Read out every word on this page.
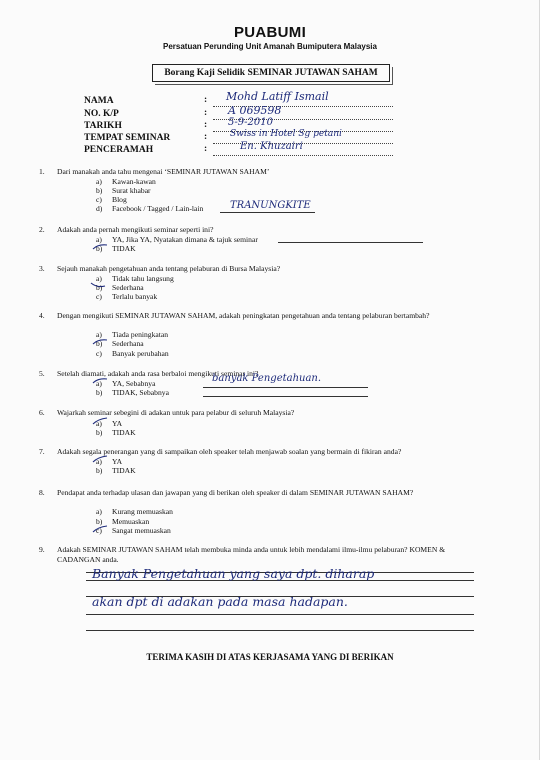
PUABUMI
Persatuan Perunding Unit Amanah Bumiputera Malaysia
Borang Kaji Selidik SEMINAR JUTAWAN SAHAM
NAMA	: Mohd Latiff Ismail
NO. K/P	: A 069598
TARIKH	: 5-9-2010
TEMPAT SEMINAR	:	Swiss in Hotel Sg petani
PENCERAMAH	:	En. Khuzairi
1. Dari manakah anda tahu mengenai ‘SEMINAR JUTAWAN SAHAM’
a) Kawan-kawan
b) Surat khabar
c) Blog
d) Facebook / Tagged / Lain-lain	TRANUNGKITE
2. Adakah anda pernah mengikuti seminar seperti ini?
a) YA, Jika YA, Nyatakan dimana & tajuk seminar
b) TIDAK
3. Sejauh manakah pengetahuan anda tentang pelaburan di Bursa Malaysia?
a) Tidak tahu langsung
b) Sederhana
c) Terlalu banyak
4. Dengan mengikuti SEMINAR JUTAWAN SAHAM, adakah peningkatan pengetahuan anda tentang pelaburan bertambah?
a) Tiada peningkatan
b) Sederhana
c) Banyak perubahan
5. Setelah diamati, adakah anda rasa berbaloi mengikuti seminar ini?
a) YA, Sebabnya
b) TIDAK, Sebabnya
banyak Pengetahuan.
6. Wajarkah seminar sebegini di adakan untuk para pelabur di seluruh Malaysia?
a) YA
b) TIDAK
7. Adakah segala penerangan yang di sampaikan oleh speaker telah menjawab soalan yang bermain di fikiran anda?
a) YA
b) TIDAK
8. Pendapat anda terhadap ulasan dan jawapan yang di berikan oleh speaker di dalam SEMINAR JUTAWAN SAHAM?
a) Kurang memuaskan
b) Memuaskan
c) Sangat memuaskan
9. Adakah SEMINAR JUTAWAN SAHAM telah membuka minda anda untuk lebih mendalami ilmu-ilmu pelaburan? KOMEN & CADANGAN anda.
Banyak Pengetahuan yang saya dpt. diharap
akan dpt di adakan pada masa hadapan.
TERIMA KASIH DI ATAS KERJASAMA YANG DI BERIKAN
